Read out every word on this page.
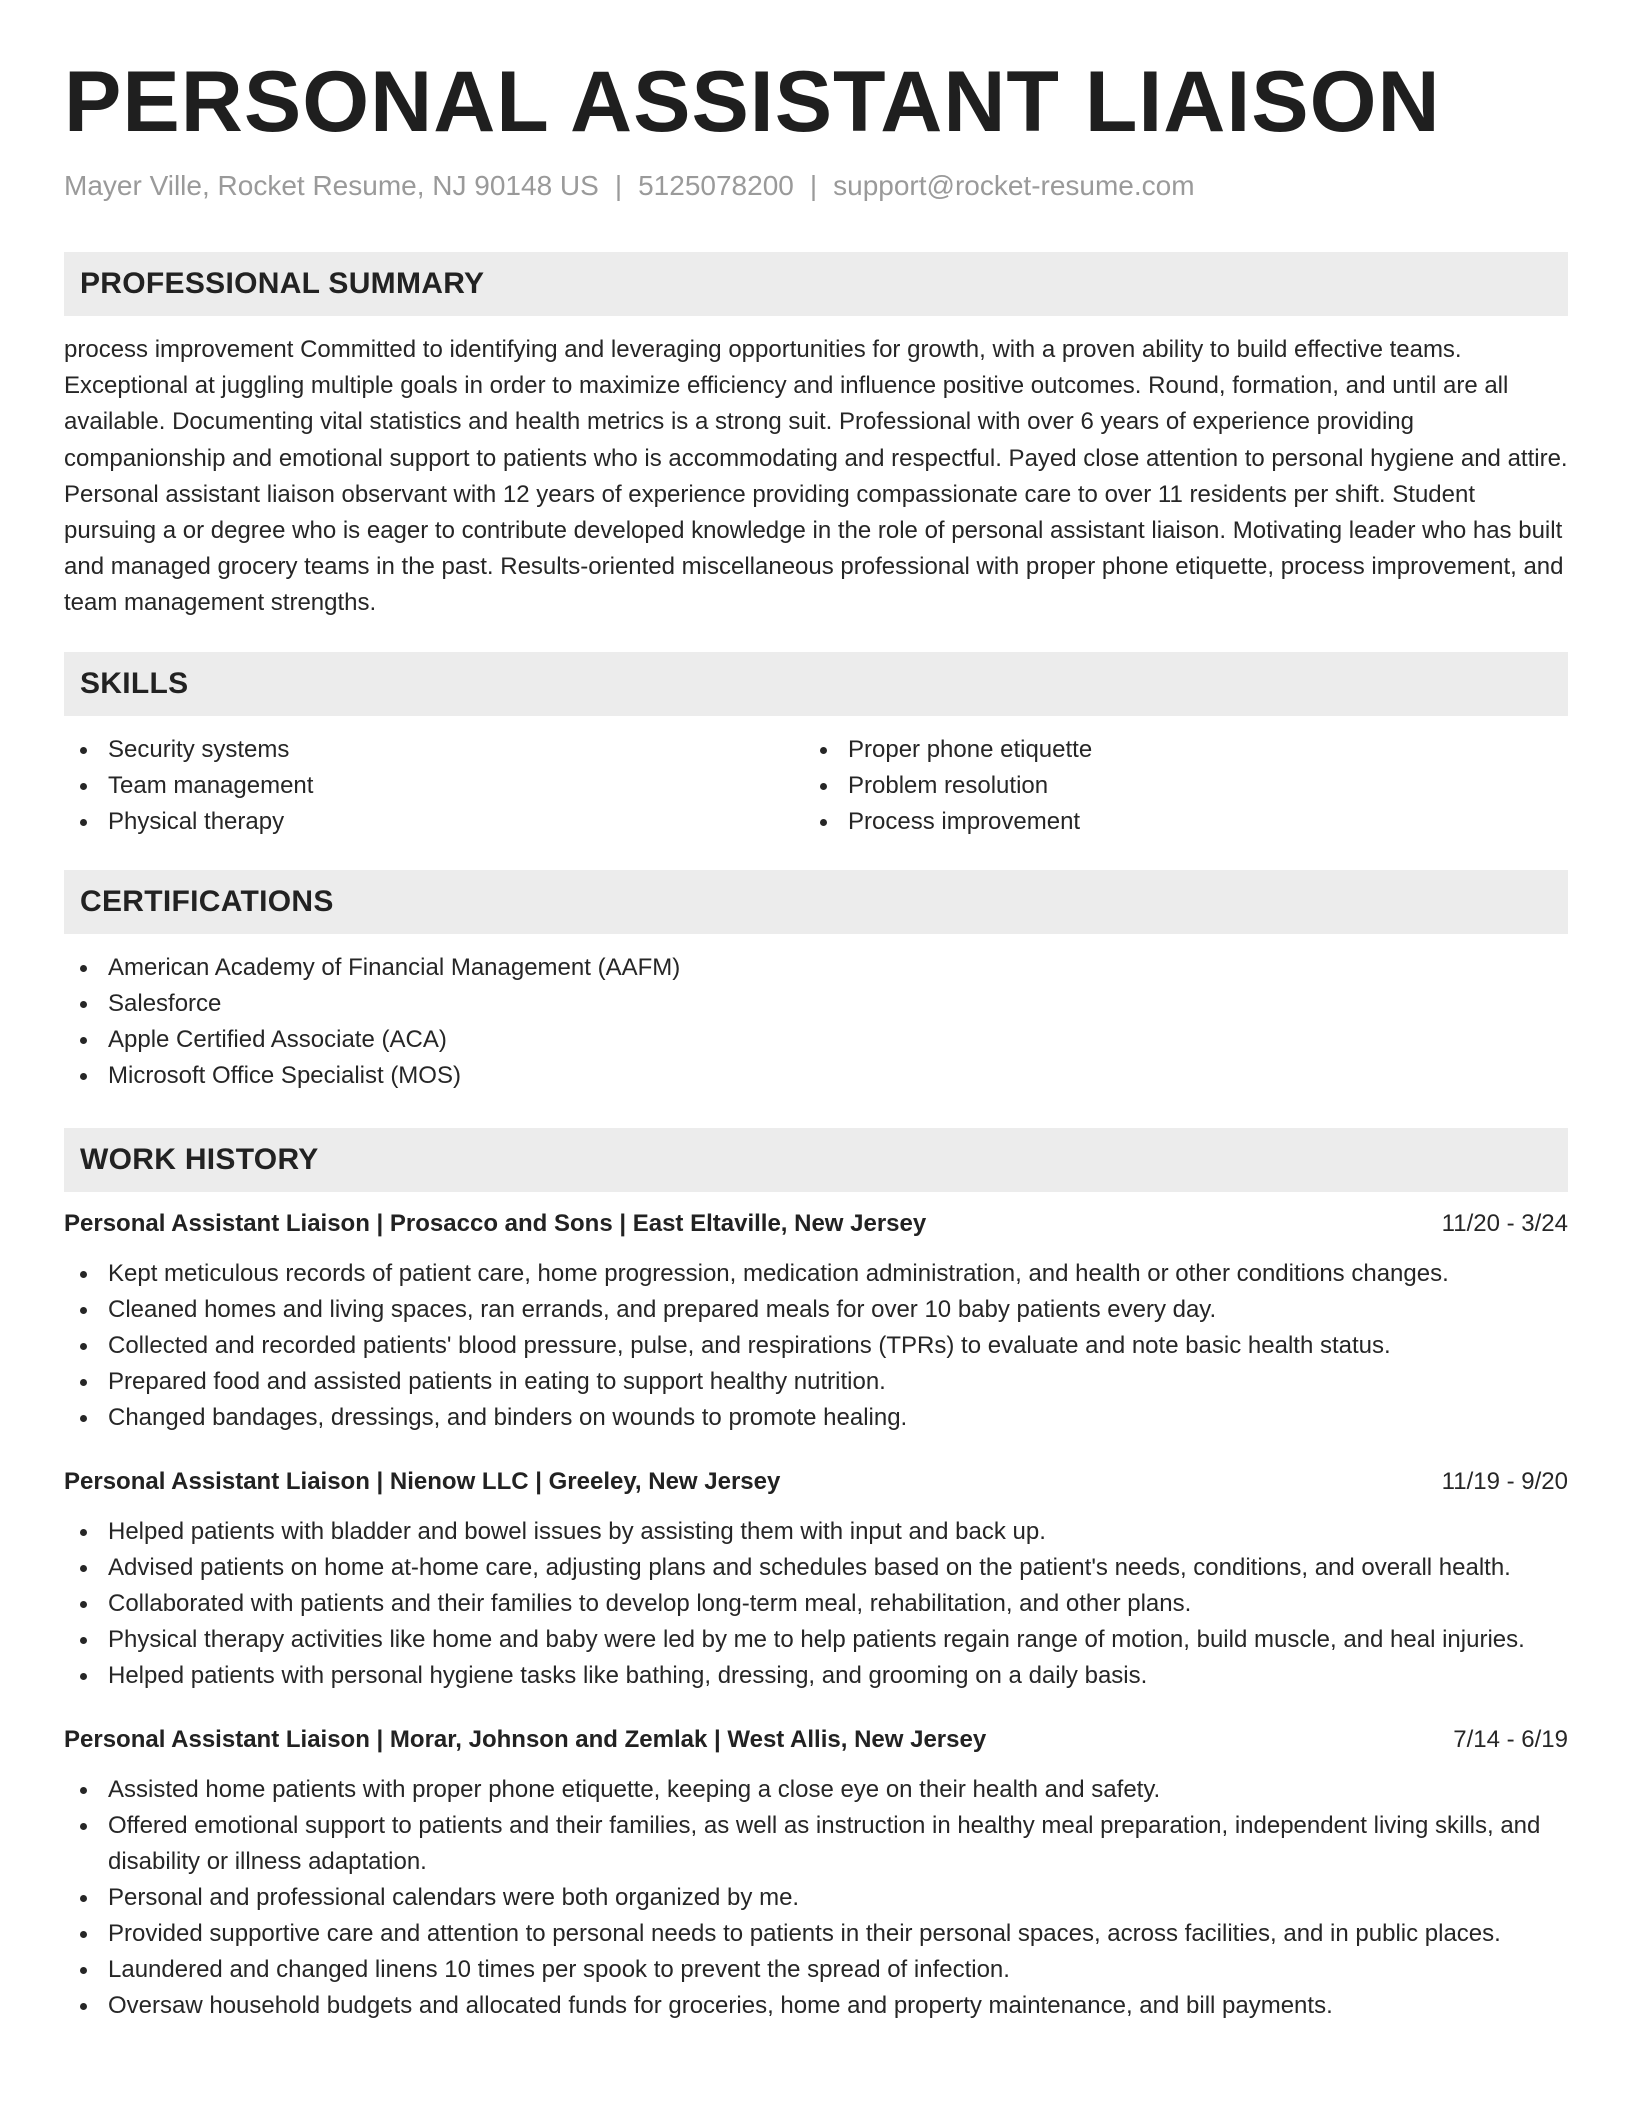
PERSONAL ASSISTANT LIAISON
Mayer Ville, Rocket Resume, NJ 90148 US | 5125078200 | support@rocket-resume.com
PROFESSIONAL SUMMARY

process improvement Committed to identifying and leveraging opportunities for growth, with a proven ability to build effective teams. Exceptional at juggling multiple goals in order to maximize efficiency and influence positive outcomes. Round, formation, and until are all available. Documenting vital statistics and health metrics is a strong suit. Professional with over 6 years of experience providing companionship and emotional support to patients who is accommodating and respectful. Payed close attention to personal hygiene and attire. Personal assistant liaison observant with 12 years of experience providing compassionate care to over 11 residents per shift. Student pursuing a or degree who is eager to contribute developed knowledge in the role of personal assistant liaison. Motivating leader who has built and managed grocery teams in the past. Results-oriented miscellaneous professional with proper phone etiquette, process improvement, and team management strengths.

SKILLS
Security systems
Team management
Physical therapy
Proper phone etiquette
Problem resolution
Process improvement
CERTIFICATIONS
American Academy of Financial Management (AAFM)
Salesforce
Apple Certified Associate (ACA)
Microsoft Office Specialist (MOS)
WORK HISTORY
Personal Assistant Liaison | Prosacco and Sons | East Eltaville, New Jersey	11/20 - 3/24
Kept meticulous records of patient care, home progression, medication administration, and health or other conditions changes.
Cleaned homes and living spaces, ran errands, and prepared meals for over 10 baby patients every day.
Collected and recorded patients' blood pressure, pulse, and respirations (TPRs) to evaluate and note basic health status.
Prepared food and assisted patients in eating to support healthy nutrition.
Changed bandages, dressings, and binders on wounds to promote healing.
Personal Assistant Liaison | Nienow LLC | Greeley, New Jersey	11/19 - 9/20
Helped patients with bladder and bowel issues by assisting them with input and back up.
Advised patients on home at-home care, adjusting plans and schedules based on the patient's needs, conditions, and overall health.
Collaborated with patients and their families to develop long-term meal, rehabilitation, and other plans.
Physical therapy activities like home and baby were led by me to help patients regain range of motion, build muscle, and heal injuries.
Helped patients with personal hygiene tasks like bathing, dressing, and grooming on a daily basis.
Personal Assistant Liaison | Morar, Johnson and Zemlak | West Allis, New Jersey	7/14 - 6/19
Assisted home patients with proper phone etiquette, keeping a close eye on their health and safety.
Offered emotional support to patients and their families, as well as instruction in healthy meal preparation, independent living skills, and disability or illness adaptation.
Personal and professional calendars were both organized by me.
Provided supportive care and attention to personal needs to patients in their personal spaces, across facilities, and in public places.
Laundered and changed linens 10 times per spook to prevent the spread of infection.
Oversaw household budgets and allocated funds for groceries, home and property maintenance, and bill payments.
